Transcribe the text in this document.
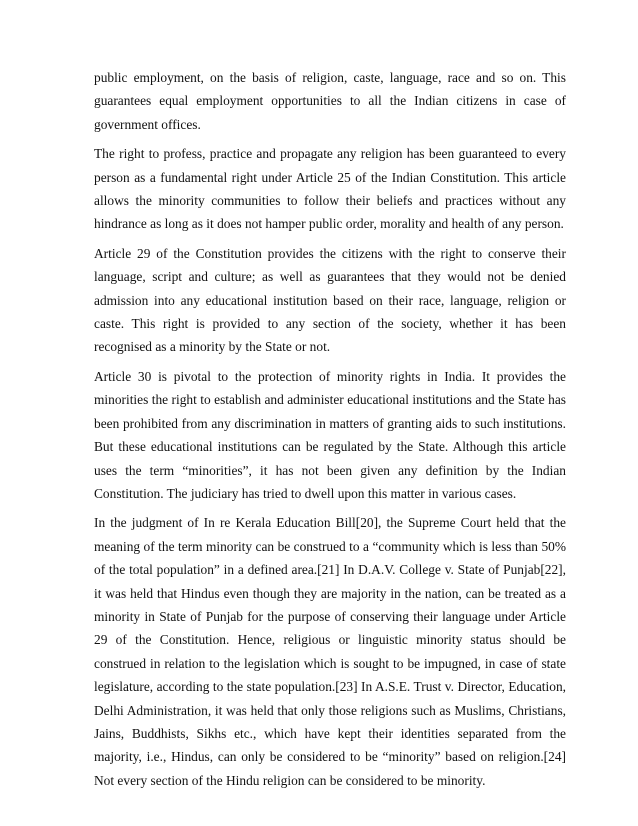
public employment, on the basis of religion, caste, language, race and so on. This guarantees equal employment opportunities to all the Indian citizens in case of government offices.

The right to profess, practice and propagate any religion has been guaranteed to every person as a fundamental right under Article 25 of the Indian Constitution. This article allows the minority communities to follow their beliefs and practices without any hindrance as long as it does not hamper public order, morality and health of any person.

Article 29 of the Constitution provides the citizens with the right to conserve their language, script and culture; as well as guarantees that they would not be denied admission into any educational institution based on their race, language, religion or caste. This right is provided to any section of the society, whether it has been recognised as a minority by the State or not.

Article 30 is pivotal to the protection of minority rights in India. It provides the minorities the right to establish and administer educational institutions and the State has been prohibited from any discrimination in matters of granting aids to such institutions. But these educational institutions can be regulated by the State. Although this article uses the term “minorities”, it has not been given any definition by the Indian Constitution. The judiciary has tried to dwell upon this matter in various cases.

In the judgment of In re Kerala Education Bill[20], the Supreme Court held that the meaning of the term minority can be construed to a “community which is less than 50% of the total population” in a defined area.[21] In D.A.V. College v. State of Punjab[22], it was held that Hindus even though they are majority in the nation, can be treated as a minority in State of Punjab for the purpose of conserving their language under Article 29 of the Constitution. Hence, religious or linguistic minority status should be construed in relation to the legislation which is sought to be impugned, in case of state legislature, according to the state population.[23] In A.S.E. Trust v. Director, Education, Delhi Administration, it was held that only those religions such as Muslims, Christians, Jains, Buddhists, Sikhs etc., which have kept their identities separated from the majority, i.e., Hindus, can only be considered to be “minority” based on religion.[24] Not every section of the Hindu religion can be considered to be minority.
